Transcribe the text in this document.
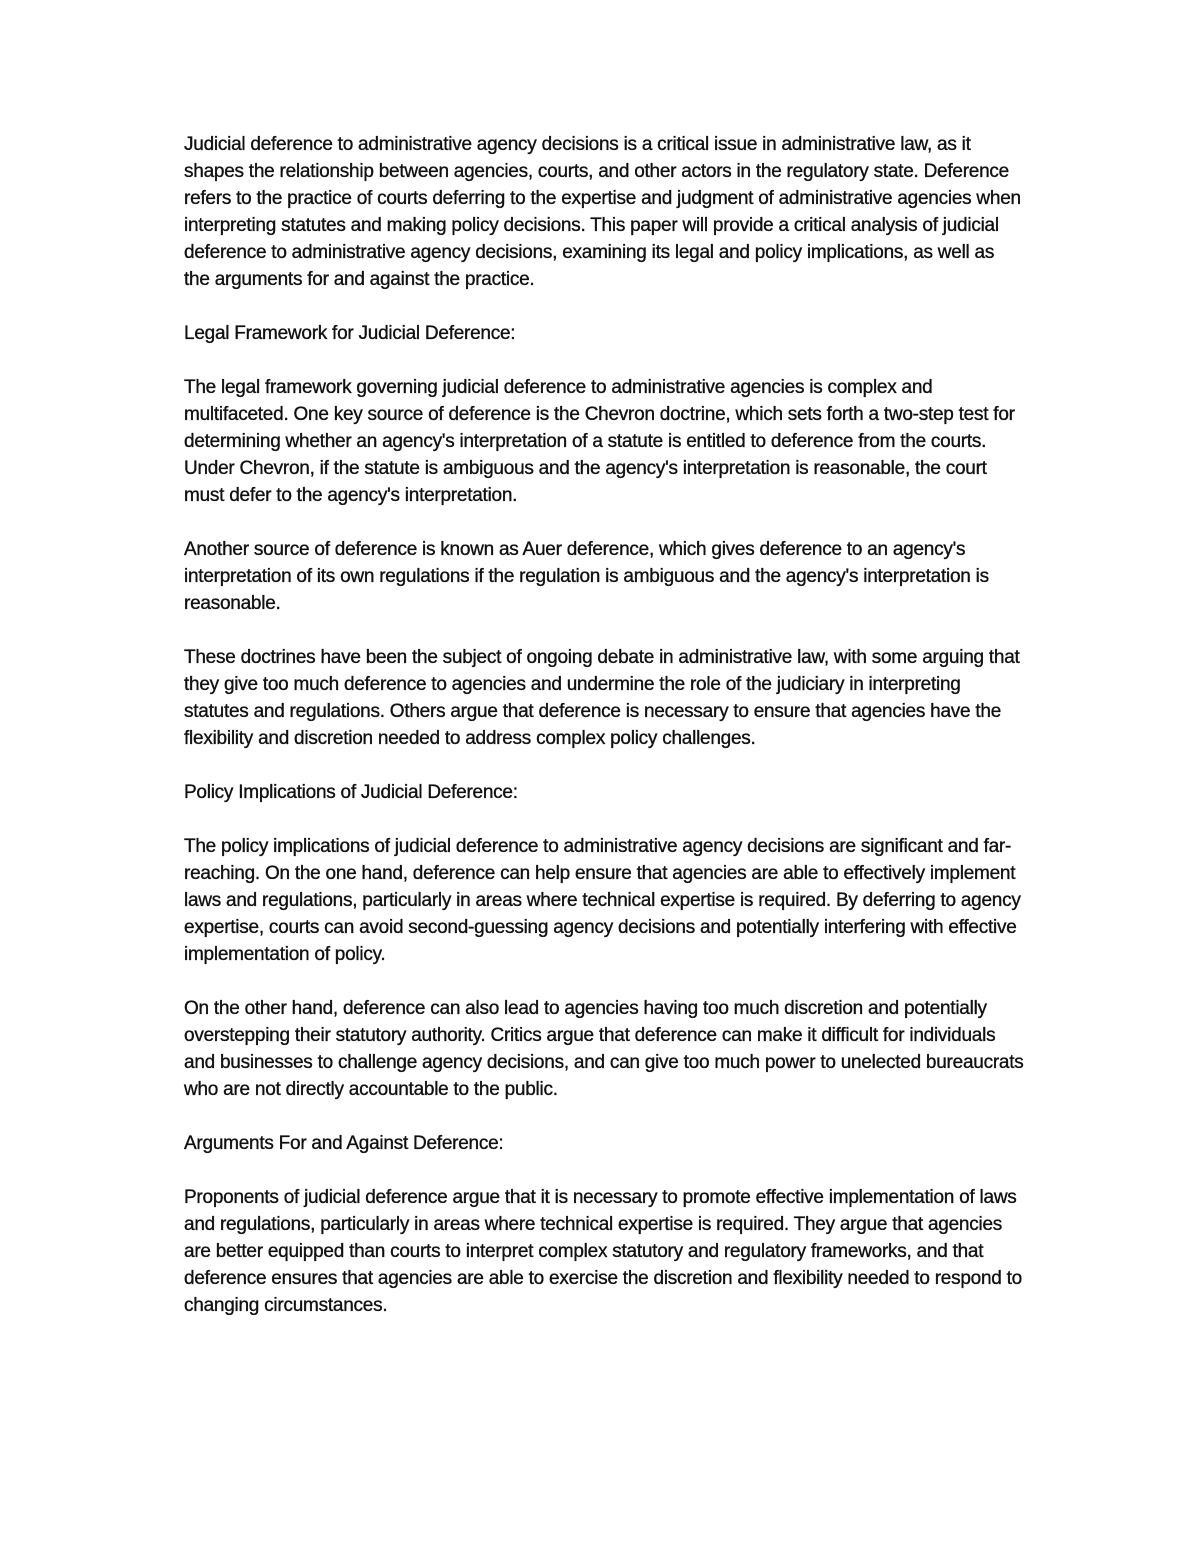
Judicial deference to administrative agency decisions is a critical issue in administrative law, as it shapes the relationship between agencies, courts, and other actors in the regulatory state. Deference refers to the practice of courts deferring to the expertise and judgment of administrative agencies when interpreting statutes and making policy decisions. This paper will provide a critical analysis of judicial deference to administrative agency decisions, examining its legal and policy implications, as well as the arguments for and against the practice.

Legal Framework for Judicial Deference:

The legal framework governing judicial deference to administrative agencies is complex and multifaceted. One key source of deference is the Chevron doctrine, which sets forth a two-step test for determining whether an agency's interpretation of a statute is entitled to deference from the courts. Under Chevron, if the statute is ambiguous and the agency's interpretation is reasonable, the court must defer to the agency's interpretation.

Another source of deference is known as Auer deference, which gives deference to an agency's interpretation of its own regulations if the regulation is ambiguous and the agency's interpretation is reasonable.

These doctrines have been the subject of ongoing debate in administrative law, with some arguing that they give too much deference to agencies and undermine the role of the judiciary in interpreting statutes and regulations. Others argue that deference is necessary to ensure that agencies have the flexibility and discretion needed to address complex policy challenges.

Policy Implications of Judicial Deference:

The policy implications of judicial deference to administrative agency decisions are significant and far-reaching. On the one hand, deference can help ensure that agencies are able to effectively implement laws and regulations, particularly in areas where technical expertise is required. By deferring to agency expertise, courts can avoid second-guessing agency decisions and potentially interfering with effective implementation of policy.

On the other hand, deference can also lead to agencies having too much discretion and potentially overstepping their statutory authority. Critics argue that deference can make it difficult for individuals and businesses to challenge agency decisions, and can give too much power to unelected bureaucrats who are not directly accountable to the public.

Arguments For and Against Deference:

Proponents of judicial deference argue that it is necessary to promote effective implementation of laws and regulations, particularly in areas where technical expertise is required. They argue that agencies are better equipped than courts to interpret complex statutory and regulatory frameworks, and that deference ensures that agencies are able to exercise the discretion and flexibility needed to respond to changing circumstances.
